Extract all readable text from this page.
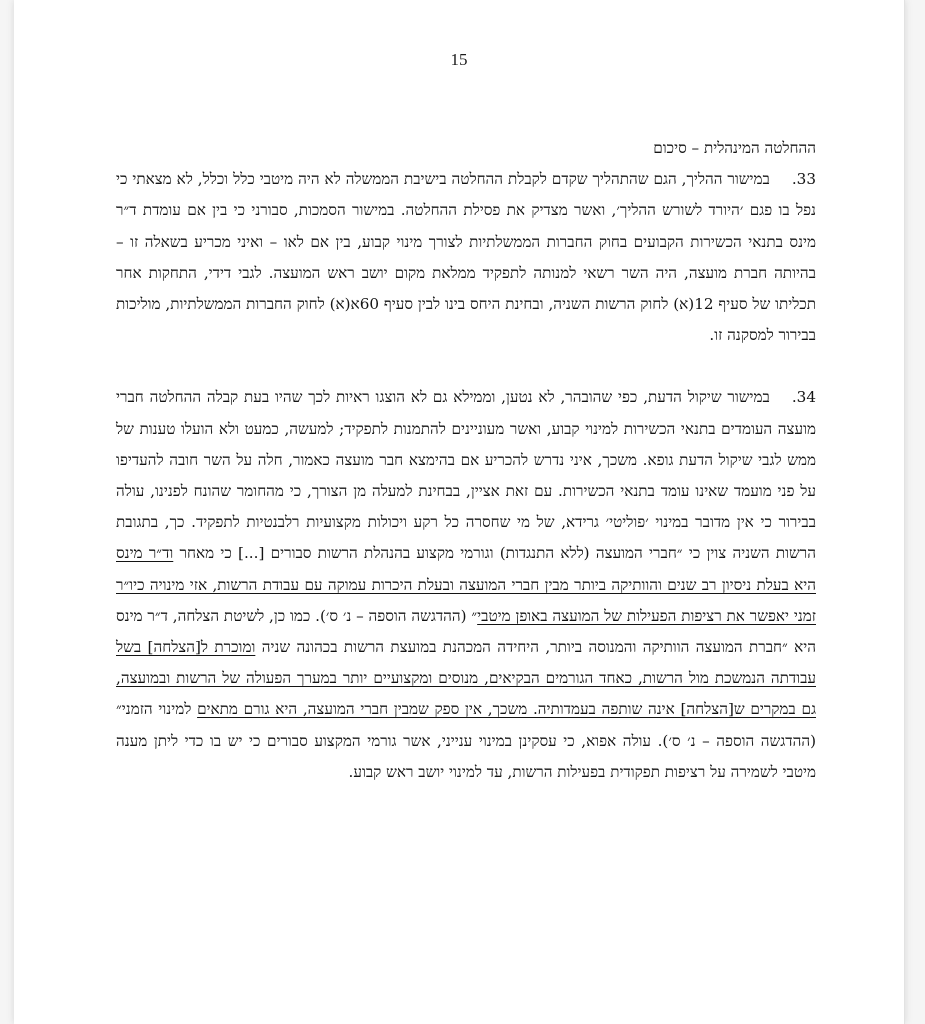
15

ההחלטה המינהלית – סיכום

33.במישור ההליך, הגם שהתהליך שקדם לקבלת ההחלטה בישיבת הממשלה לא היה מיטבי כלל וכלל, לא מצאתי כי נפל בו פגם ׳היורד לשורש ההליך׳, ואשר מצדיק את פסילת ההחלטה. במישור הסמכות, סבורני כי בין אם עומדת ד״ר מינס בתנאי הכשירות הקבועים בחוק החברות הממשלתיות לצורך מינוי קבוע, בין אם לאו – ואיני מכריע בשאלה זו – בהיותה חברת מועצה, היה השר רשאי למנותה לתפקיד ממלאת מקום יושב ראש המועצה. לגבי דידי, התחקות אחר תכליתו של סעיף 12(א) לחוק הרשות השניה, ובחינת היחס בינו לבין סעיף 60א(א) לחוק החברות הממשלתיות, מוליכות בבירור למסקנה זו.

34.במישור שיקול הדעת, כפי שהובהר, לא נטען, וממילא גם לא הוצגו ראיות לכך שהיו בעת קבלה ההחלטה חברי מועצה העומדים בתנאי הכשירות למינוי קבוע, ואשר מעוניינים להתמנות לתפקיד; למעשה, כמעט ולא הועלו טענות של ממש לגבי שיקול הדעת גופא. משכך, איני נדרש להכריע אם בהימצא חבר מועצה כאמור, חלה על השר חובה להעדיפו על פני מועמד שאינו עומד בתנאי הכשירות. עם זאת אציין, בבחינת למעלה מן הצורך, כי מהחומר שהונח לפנינו, עולה בבירור כי אין מדובר במינוי ׳פוליטי׳ גרידא, של מי שחסרה כל רקע ויכולות מקצועיות רלבנטיות לתפקיד. כך, בתגובת הרשות השניה צוין כי ״חברי המועצה (ללא התנגדות) וגורמי מקצוע בהנהלת הרשות סבורים [...] כי מאחר וד״ר מינס היא בעלת ניסיון רב שנים והוותיקה ביותר מבין חברי המועצה ובעלת היכרות עמוקה עם עבודת הרשות, אזי מינויה כיו״ר זמני יאפשר את רציפות הפעילות של המועצה באופן מיטבי״ (ההדגשה הוספה – נ׳ ס׳). כמו כן, לשיטת הצלחה, ד״ר מינס היא ״חברת המועצה הוותיקה והמנוסה ביותר, היחידה המכהנת במועצת הרשות בכהונה שניה ומוכרת ל[הצלחה] בשל עבודתה הנמשכת מול הרשות, כאחד הגורמים הבקיאים, מנוסים ומקצועיים יותר במערך הפעולה של הרשות ובמועצה, גם במקרים ש[הצלחה] אינה שותפה בעמדותיה. משכך, אין ספק שמבין חברי המועצה, היא גורם מתאים למינוי הזמני״ (ההדגשה הוספה – נ׳ ס׳). עולה אפוא, כי עסקינן במינוי ענייני, אשר גורמי המקצוע סבורים כי יש בו כדי ליתן מענה מיטבי לשמירה על רציפות תפקודית בפעילות הרשות, עד למינוי יושב ראש קבוע.
